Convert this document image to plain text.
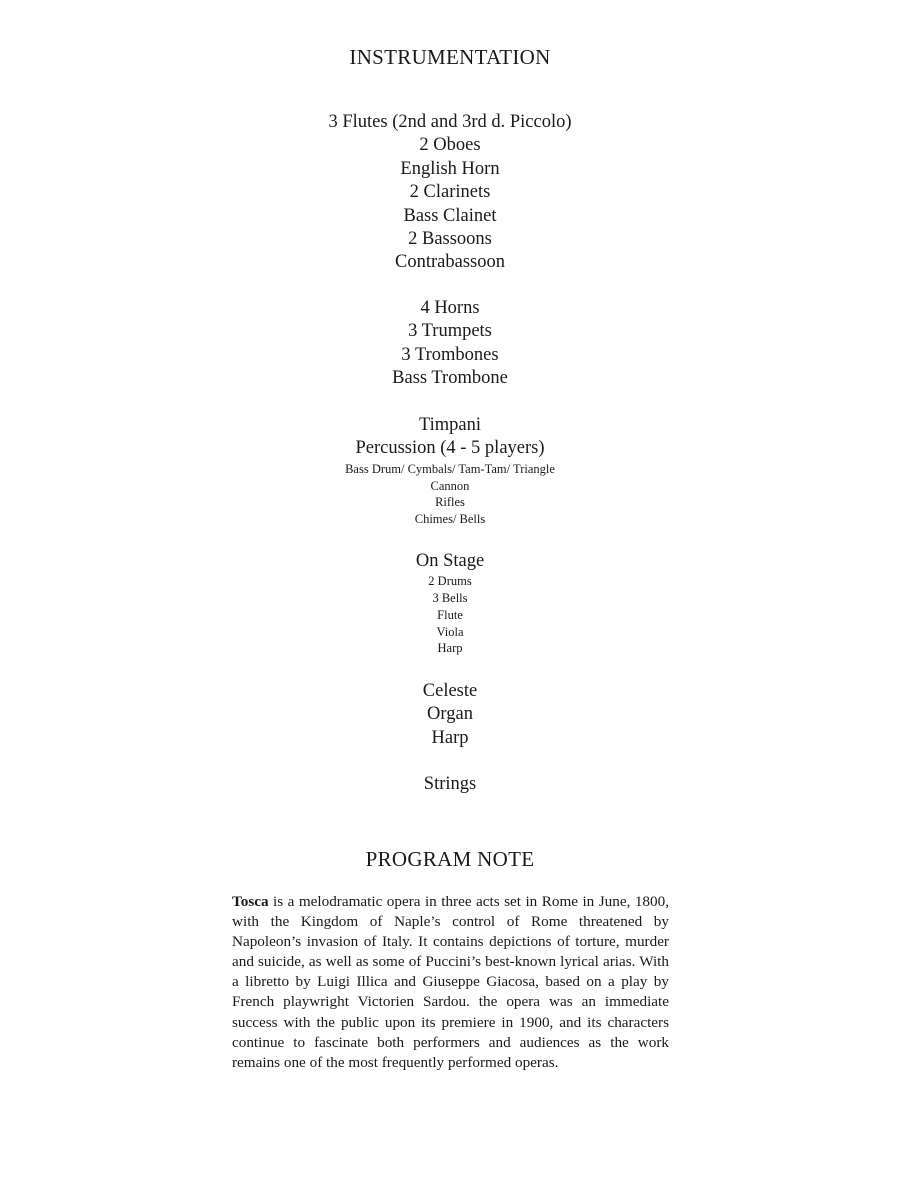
INSTRUMENTATION
3 Flutes (2nd and 3rd d. Piccolo)
2 Oboes
English Horn
2 Clarinets
Bass Clainet
2 Bassoons
Contrabassoon
4 Horns
3 Trumpets
3 Trombones
Bass Trombone
Timpani
Percussion (4 - 5 players)
Bass Drum/ Cymbals/ Tam-Tam/ Triangle
Cannon
Rifles
Chimes/ Bells
On Stage
2 Drums
3 Bells
Flute
Viola
Harp
Celeste
Organ
Harp
Strings
PROGRAM NOTE

Tosca is a melodramatic opera in three acts set in Rome in June, 1800, with the Kingdom of Naple’s control of Rome threatened by Napoleon’s invasion of Italy. It contains depictions of torture, murder and suicide, as well as some of Puccini’s best-known lyrical arias. With a libretto by Luigi Illica and Giuseppe Giacosa, based on a play by French playwright Victorien Sardou. the opera was an immediate success with the public upon its premiere in 1900, and its characters continue to fascinate both performers and audiences as the work remains one of the most frequently performed operas.
